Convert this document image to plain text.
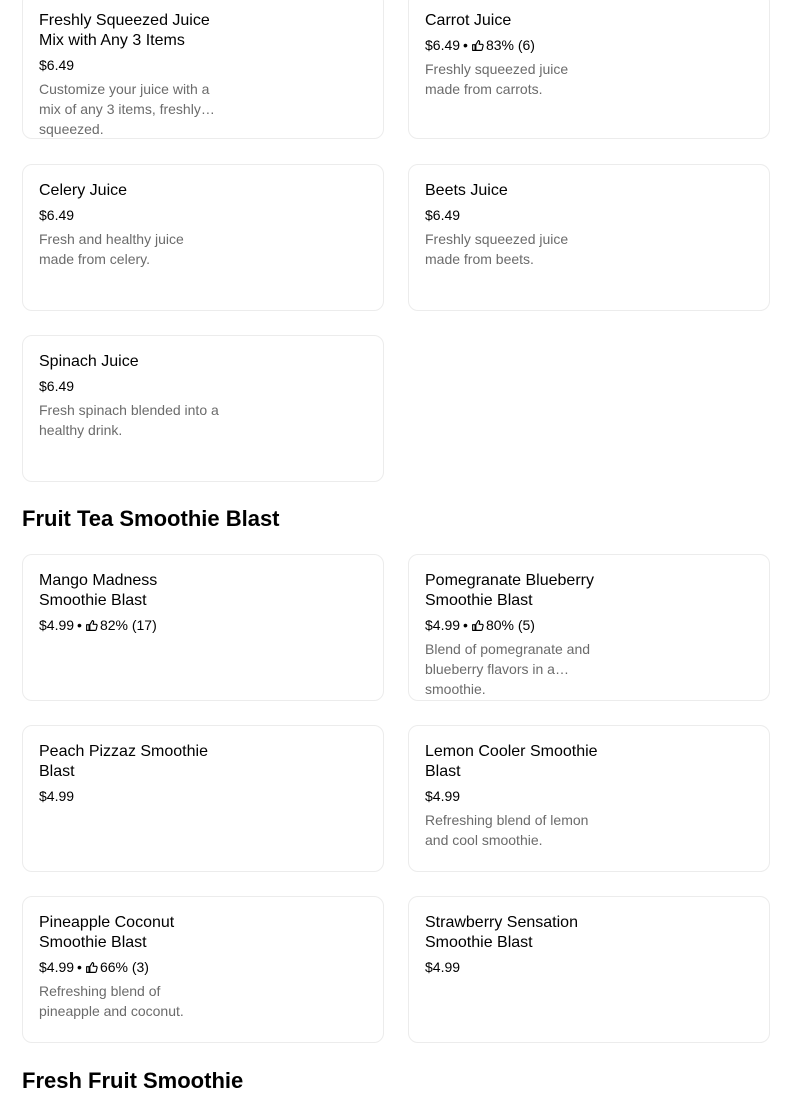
Freshly Squeezed Juice Mix with Any 3 Items
$6.49
Customize your juice with a mix of any 3 items, freshly squeezed.
Carrot Juice
$6.49 • 83% (6)
Freshly squeezed juice made from carrots.
Celery Juice
$6.49
Fresh and healthy juice made from celery.
Beets Juice
$6.49
Freshly squeezed juice made from beets.
Spinach Juice
$6.49
Fresh spinach blended into a healthy drink.
Fruit Tea Smoothie Blast
Mango Madness Smoothie Blast
$4.99 • 82% (17)
Pomegranate Blueberry Smoothie Blast
$4.99 • 80% (5)
Blend of pomegranate and blueberry flavors in a smoothie.
Peach Pizzaz Smoothie Blast
$4.99
Lemon Cooler Smoothie Blast
$4.99
Refreshing blend of lemon and cool smoothie.
Pineapple Coconut Smoothie Blast
$4.99 • 66% (3)
Refreshing blend of pineapple and coconut.
Strawberry Sensation Smoothie Blast
$4.99
Fresh Fruit Smoothie
